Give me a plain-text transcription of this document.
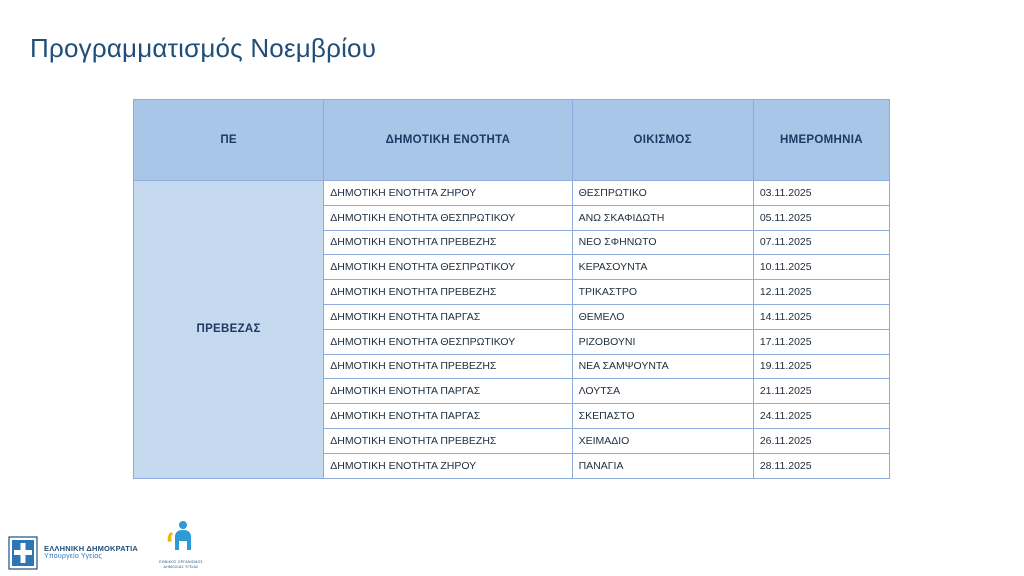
Προγραμματισμός Νοεμβρίου
ΠΕ	ΔΗΜΟΤΙΚΗ ΕΝΟΤΗΤΑ	ΟΙΚΙΣΜΟΣ	ΗΜΕΡΟΜΗΝΙΑ
ΠΡΕΒΕΖΑΣ	ΔΗΜΟΤΙΚΗ ΕΝΟΤΗΤΑ ΖΗΡΟΥ	ΘΕΣΠΡΩΤΙΚΟ	03.11.2025
	ΔΗΜΟΤΙΚΗ ΕΝΟΤΗΤΑ ΘΕΣΠΡΩΤΙΚΟΥ	ΑΝΩ ΣΚΑΦΙΔΩΤΗ	05.11.2025
	ΔΗΜΟΤΙΚΗ ΕΝΟΤΗΤΑ ΠΡΕΒΕΖΗΣ	ΝΕΟ ΣΦΗΝΩΤΟ	07.11.2025
	ΔΗΜΟΤΙΚΗ ΕΝΟΤΗΤΑ ΘΕΣΠΡΩΤΙΚΟΥ	ΚΕΡΑΣΟΥΝΤΑ	10.11.2025
	ΔΗΜΟΤΙΚΗ ΕΝΟΤΗΤΑ ΠΡΕΒΕΖΗΣ	ΤΡΙΚΑΣΤΡΟ	12.11.2025
	ΔΗΜΟΤΙΚΗ ΕΝΟΤΗΤΑ ΠΑΡΓΑΣ	ΘΕΜΕΛΟ	14.11.2025
	ΔΗΜΟΤΙΚΗ ΕΝΟΤΗΤΑ ΘΕΣΠΡΩΤΙΚΟΥ	ΡΙΖΟΒΟΥΝΙ	17.11.2025
	ΔΗΜΟΤΙΚΗ ΕΝΟΤΗΤΑ ΠΡΕΒΕΖΗΣ	ΝΕΑ ΣΑΜΨΟΥΝΤΑ	19.11.2025
	ΔΗΜΟΤΙΚΗ ΕΝΟΤΗΤΑ ΠΑΡΓΑΣ	ΛΟΥΤΣΑ	21.11.2025
	ΔΗΜΟΤΙΚΗ ΕΝΟΤΗΤΑ ΠΑΡΓΑΣ	ΣΚΕΠΑΣΤΟ	24.11.2025
	ΔΗΜΟΤΙΚΗ ΕΝΟΤΗΤΑ ΠΡΕΒΕΖΗΣ	ΧΕΙΜΑΔΙΟ	26.11.2025
	ΔΗΜΟΤΙΚΗ ΕΝΟΤΗΤΑ ΖΗΡΟΥ	ΠΑΝΑΓΙΑ	28.11.2025
ΕΛΛΗΝΙΚΗ ΔΗΜΟΚΡΑΤΙΑ
Υπουργείο Υγείας
ΕΘΝΙΚΟΣ ΟΡΓΑΝΙΣΜΟΣ ΔΗΜΟΣΙΑΣ ΥΓΕΙΑΣ
